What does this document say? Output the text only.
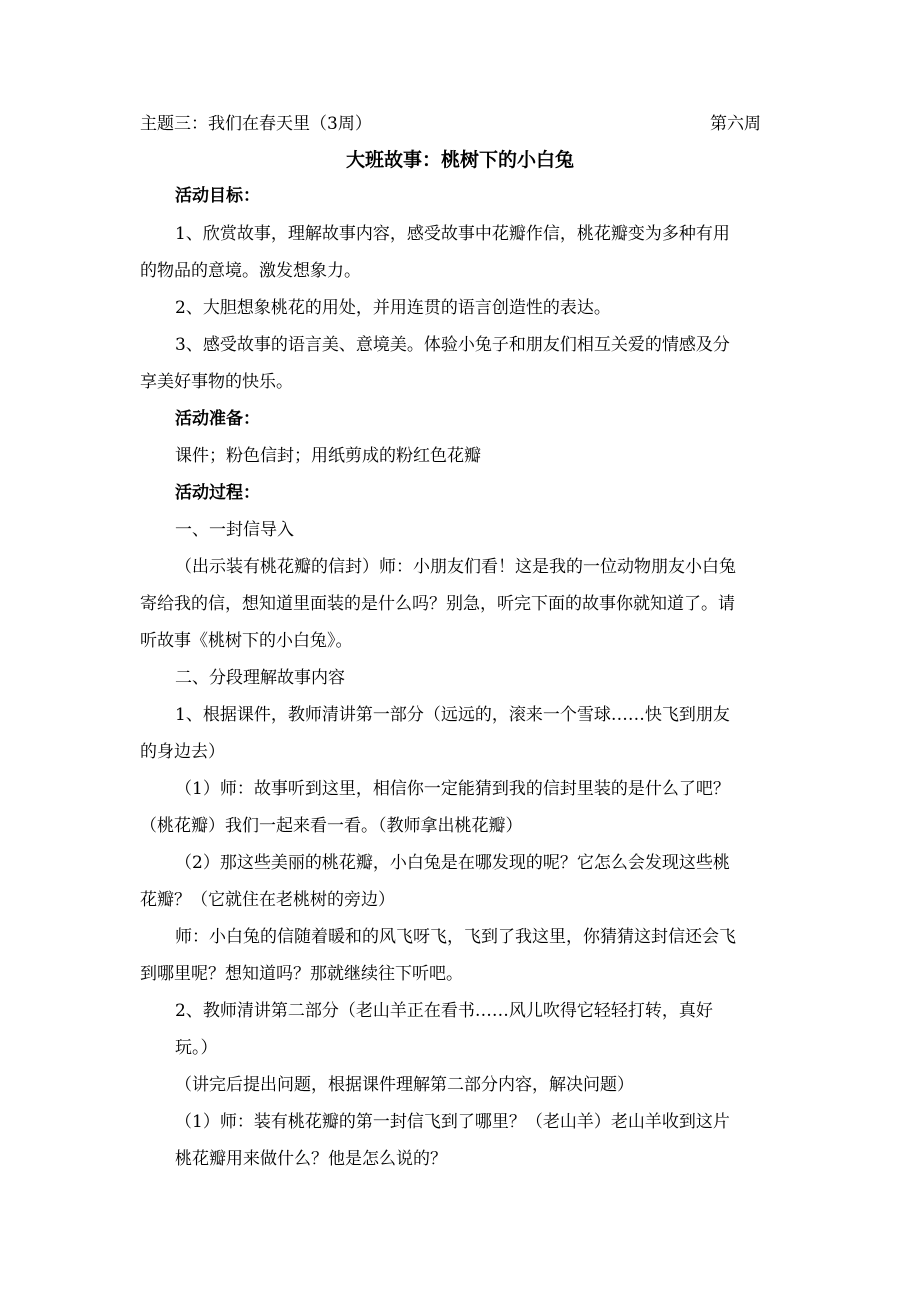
主题三：我们在春天里（3周）	第六周
大班故事：桃树下的小白兔
活动目标：
1、欣赏故事，理解故事内容，感受故事中花瓣作信，桃花瓣变为多种有用
的物品的意境。激发想象力。
2、大胆想象桃花的用处，并用连贯的语言创造性的表达。
3、感受故事的语言美、意境美。体验小兔子和朋友们相互关爱的情感及分
享美好事物的快乐。
活动准备：
课件；粉色信封；用纸剪成的粉红色花瓣
活动过程：
一、一封信导入
（出示装有桃花瓣的信封）师：小朋友们看！这是我的一位动物朋友小白兔
寄给我的信，想知道里面装的是什么吗？别急，听完下面的故事你就知道了。请
听故事《桃树下的小白兔》。
二、分段理解故事内容
1、根据课件，教师清讲第一部分（远远的，滚来一个雪球……快飞到朋友
的身边去）
（1）师：故事听到这里，相信你一定能猜到我的信封里装的是什么了吧？
（桃花瓣）我们一起来看一看。（教师拿出桃花瓣）
（2）那这些美丽的桃花瓣，小白兔是在哪发现的呢？它怎么会发现这些桃
花瓣？（它就住在老桃树的旁边）
师：小白兔的信随着暖和的风飞呀飞，飞到了我这里，你猜猜这封信还会飞
到哪里呢？想知道吗？那就继续往下听吧。
2、教师清讲第二部分（老山羊正在看书……风儿吹得它轻轻打转，真好
玩。）
（讲完后提出问题，根据课件理解第二部分内容，解决问题）
（1）师：装有桃花瓣的第一封信飞到了哪里？（老山羊）老山羊收到这片
桃花瓣用来做什么？他是怎么说的？
